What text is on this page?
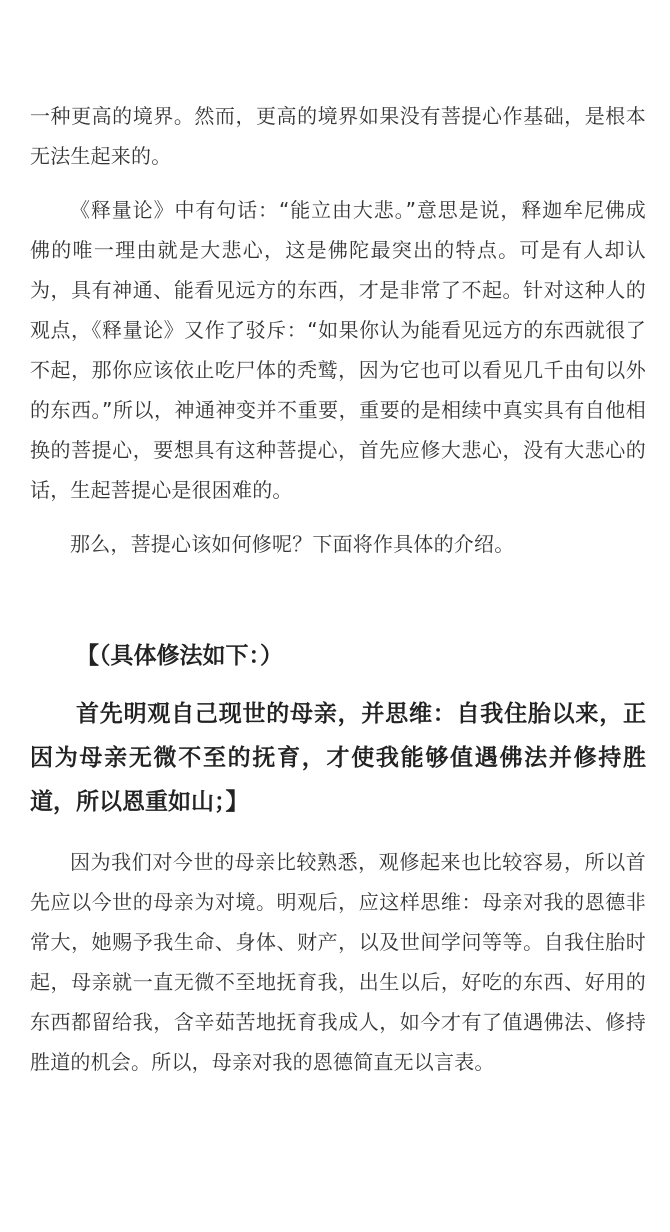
一种更高的境界。然而，更高的境界如果没有菩提心作基础，是根本无法生起来的。

《释量论》中有句话：“能立由大悲。”意思是说，释迦牟尼佛成佛的唯一理由就是大悲心，这是佛陀最突出的特点。可是有人却认为，具有神通、能看见远方的东西，才是非常了不起。针对这种人的观点，《释量论》又作了驳斥：“如果你认为能看见远方的东西就很了不起，那你应该依止吃尸体的秃鹫，因为它也可以看见几千由旬以外的东西。”所以，神通神变并不重要，重要的是相续中真实具有自他相换的菩提心，要想具有这种菩提心，首先应修大悲心，没有大悲心的话，生起菩提心是很困难的。

那么，菩提心该如何修呢？下面将作具体的介绍。

【（具体修法如下：）

首先明观自己现世的母亲，并思维：自我住胎以来，正因为母亲无微不至的抚育，才使我能够值遇佛法并修持胜道，所以恩重如山；】

因为我们对今世的母亲比较熟悉，观修起来也比较容易，所以首先应以今世的母亲为对境。明观后，应这样思维：母亲对我的恩德非常大，她赐予我生命、身体、财产，以及世间学问等等。自我住胎时起，母亲就一直无微不至地抚育我，出生以后，好吃的东西、好用的东西都留给我，含辛茹苦地抚育我成人，如今才有了值遇佛法、修持胜道的机会。所以，母亲对我的恩德简直无以言表。
